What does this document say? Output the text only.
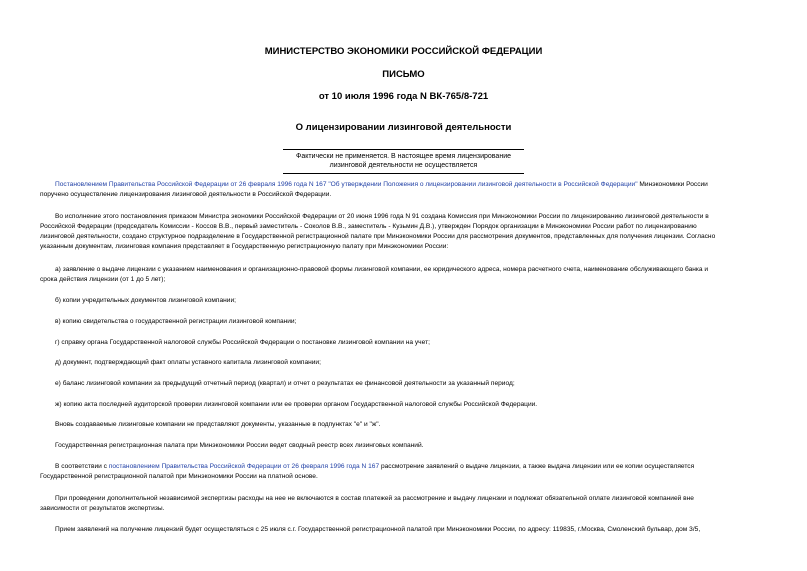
МИНИСТЕРСТВО ЭКОНОМИКИ РОССИЙСКОЙ ФЕДЕРАЦИИ
ПИСЬМО
от 10 июля 1996 года N ВК-765/8-721
О лицензировании лизинговой деятельности
Фактически не применяется. В настоящее время лицензирование
лизинговой деятельности не осуществляется
Постановлением Правительства Российской Федерации от 26 февраля 1996 года N 167 "Об утверждении Положения о лицензировании лизинговой деятельности в Российской Федерации" Минэкономики России
поручено осуществление лицензирования лизинговой деятельности в Российской Федерации.
Во исполнение этого постановления приказом Министра экономики Российской Федерации от 20 июня 1996 года N 91 создана Комиссия при Минэкономики России по лицензированию лизинговой деятельности в
Российской Федерации (председатель Комиссии - Коссов В.В., первый заместитель - Соколов В.В., заместитель - Кузьмин Д.В.), утвержден Порядок организации в Минэкономики России работ по лицензированию
лизинговой деятельности, создано структурное подразделение в Государственной регистрационной палате при Минэкономики России для рассмотрения документов, представленных для получения лицензии. Согласно
указанным документам, лизинговая компания представляет в Государственную регистрационную палату при Минэкономики России:
а) заявление о выдаче лицензии с указанием наименования и организационно-правовой формы лизинговой компании, ее юридического адреса, номера расчетного счета, наименование обслуживающего банка и
срока действия лицензии (от 1 до 5 лет);
б) копии учредительных документов лизинговой компании;
в) копию свидетельства о государственной регистрации лизинговой компании;
г) справку органа Государственной налоговой службы Российской Федерации о постановке лизинговой компании на учет;
д) документ, подтверждающий факт оплаты уставного капитала лизинговой компании;
е) баланс лизинговой компании за предыдущий отчетный период (квартал) и отчет о результатах ее финансовой деятельности за указанный период;
ж) копию акта последней аудиторской проверки лизинговой компании или ее проверки органом Государственной налоговой службы Российской Федерации.
Вновь создаваемые лизинговые компании не представляют документы, указанные в подпунктах "е" и "ж".
Государственная регистрационная палата при Минэкономики России ведет сводный реестр всех лизинговых компаний.
В соответствии с постановлением Правительства Российской Федерации от 26 февраля 1996 года N 167 рассмотрение заявлений о выдаче лицензии, а также выдача лицензии или ее копии осуществляется
Государственной регистрационной палатой при Минэкономики России на платной основе.
При проведении дополнительной независимой экспертизы расходы на нее не включаются в состав платежей за рассмотрение и выдачу лицензии и подлежат обязательной оплате лизинговой компанией вне
зависимости от результатов экспертизы.
Прием заявлений на получение лицензий будет осуществляться с 25 июля с.г. Государственной регистрационной палатой при Минэкономики России, по адресу: 119835, г.Москва, Смоленский бульвар, дом 3/5,
